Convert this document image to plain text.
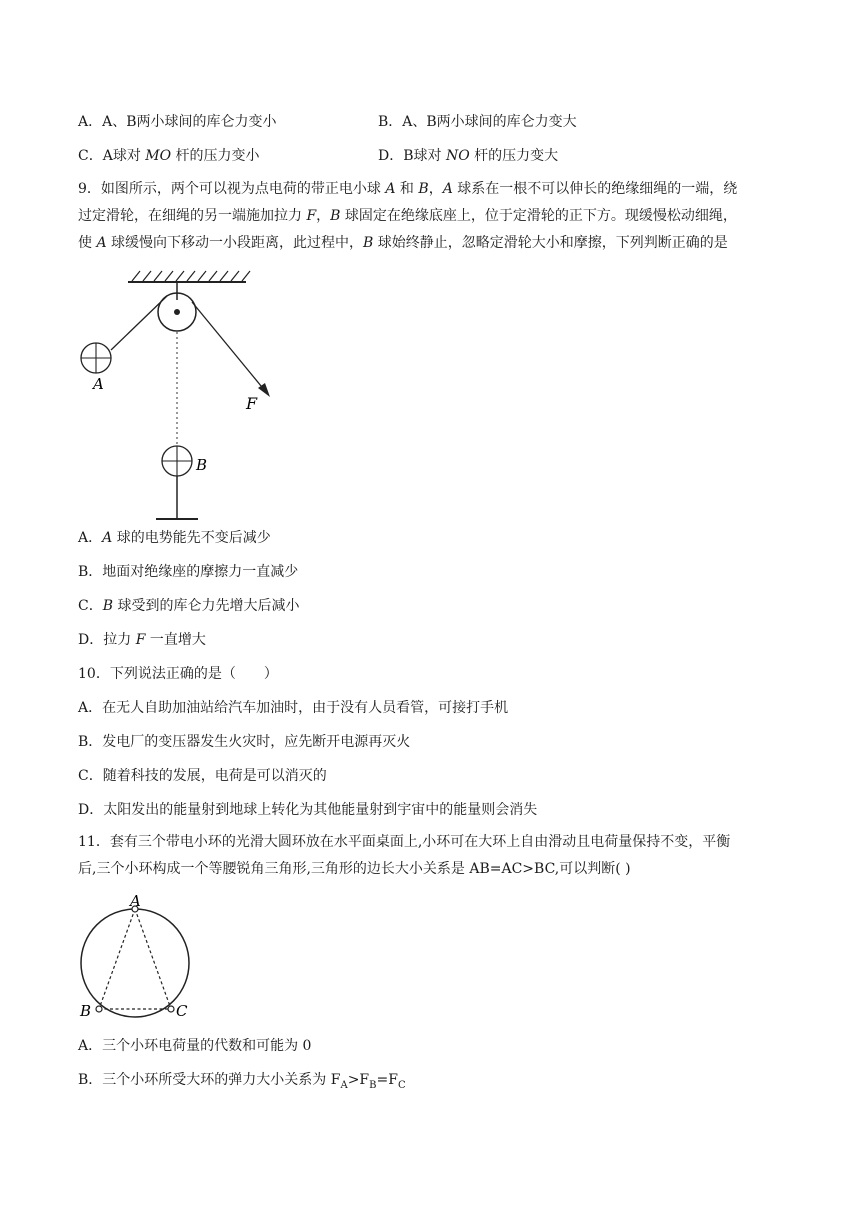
A．A、B两小球间的库仑力变小	B．A、B两小球间的库仑力变大
C．A球对 MO 杆的压力变小	D．B球对 NO 杆的压力变大
9．如图所示，两个可以视为点电荷的带正电小球 A 和 B，A 球系在一根不可以伸长的绝缘细绳的一端，绕
过定滑轮，在细绳的另一端施加拉力 F，B 球固定在绝缘底座上，位于定滑轮的正下方。现缓慢松动细绳，
使 A 球缓慢向下移动一小段距离，此过程中，B 球始终静止，忽略定滑轮大小和摩擦，下列判断正确的是
A
F
B
A．A 球的电势能先不变后减少
B．地面对绝缘座的摩擦力一直减少
C．B 球受到的库仑力先增大后减小
D．拉力 F 一直增大
10．下列说法正确的是（　　）
A．在无人自助加油站给汽车加油时，由于没有人员看管，可接打手机
B．发电厂的变压器发生火灾时，应先断开电源再灭火
C．随着科技的发展，电荷是可以消灭的
D．太阳发出的能量射到地球上转化为其他能量射到宇宙中的能量则会消失
11．套有三个带电小环的光滑大圆环放在水平面桌面上,小环可在大环上自由滑动且电荷量保持不变，平衡
后,三个小环构成一个等腰锐角三角形,三角形的边长大小关系是 AB=AC>BC,可以判断( )
A
B	C
A．三个小环电荷量的代数和可能为 0
B．三个小环所受大环的弹力大小关系为 $F_A>F_B=F_C$
